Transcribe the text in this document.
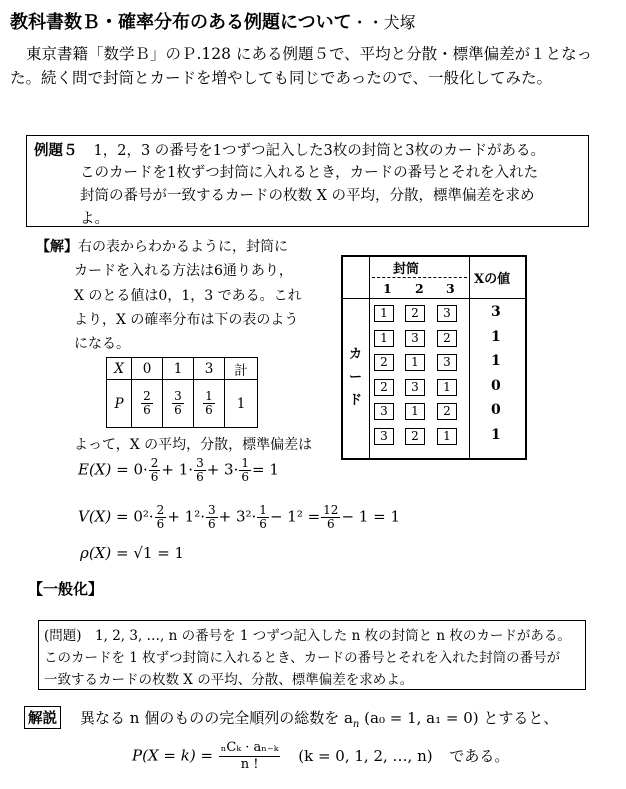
教科書数Ｂ・確率分布のある例題について・・犬塚
東京書籍「数学Ｂ」のＰ.128 にある例題５で、平均と分散・標準偏差が１となった。続く問で封筒とカードを増やしても同じであったので、一般化してみた。
例題５ 1，2，3 の番号を1つずつ記入した3枚の封筒と3枚のカードがある。
このカードを1枚ずつ封筒に入れるとき，カードの番号とそれを入れた
封筒の番号が一致するカードの枚数 X の平均，分散，標準偏差を求め
よ。
【解】右の表からわかるように，封筒に
カードを入れる方法は6通りあり，
X のとる値は0，1，3 である。これ
より，X の確率分布は下の表のよう
になる。
X	0	1	3	計
P	$\frac{2}{6}$	$\frac{3}{6}$	$\frac{1}{6}$	1
よって，X の平均，分散，標準偏差は
封筒
1 2 3
Xの値
カ
ー
ド
1	2	3	3
1	3	2	1
2	1	3	1
2	3	1	0
3	1	2	0
3	2	1	1
$E(X) = 0\cdot \frac{2}{6} + 1\cdot \frac{3}{6} + 3\cdot \frac{1}{6} = 1$
$V(X) = 0^2\cdot \frac{2}{6} + 1^2\cdot \frac{3}{6} + 3^2\cdot \frac{1}{6} - 1^2 = \frac{12}{6} - 1 = 1$
ρ(X) = √1 = 1
【一般化】
(問題)　1, 2, 3, …, n の番号を 1 つずつ記入した n 枚の封筒と n 枚のカードがある。
このカードを 1 枚ずつ封筒に入れるとき、カードの番号とそれを入れた封筒の番号が
一致するカードの枚数 X の平均、分散、標準偏差を求めよ。
解説 異なる n 個のものの完全順列の総数を $a_n$ (a₀ = 1, a₁ = 0) とすると、
$P(X = k) = \frac{\text{ₙCₖ · aₙ₋ₖ}}{n !} (k = 0$, 1, 2, …, n) である。
